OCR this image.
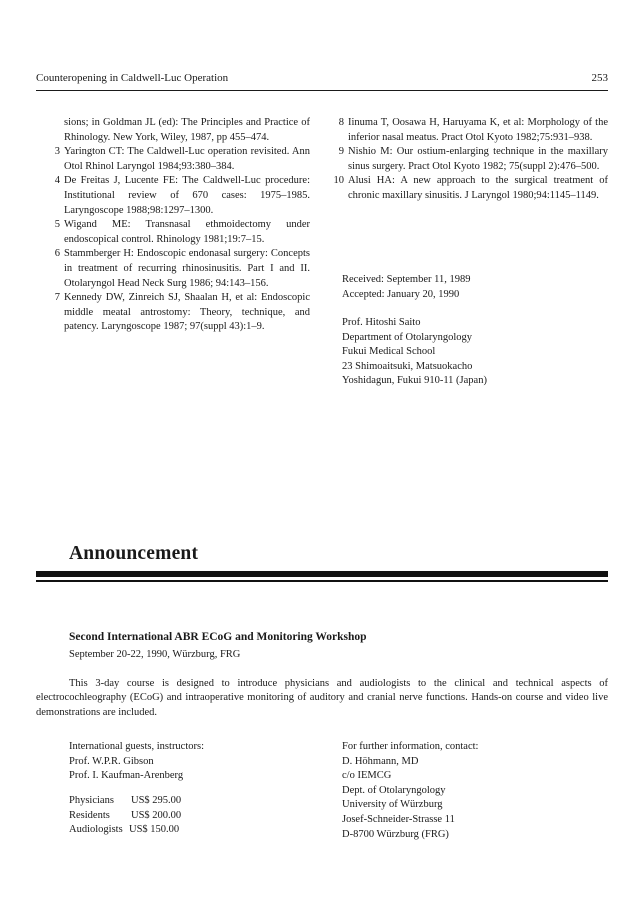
Counteropening in Caldwell-Luc Operation	253
sions; in Goldman JL (ed): The Principles and Practice of Rhinology. New York, Wiley, 1987, pp 455–474.
3 Yarington CT: The Caldwell-Luc operation revisited. Ann Otol Rhinol Laryngol 1984;93:380–384.
4 De Freitas J, Lucente FE: The Caldwell-Luc procedure: Institutional review of 670 cases: 1975–1985. Laryngoscope 1988;98:1297–1300.
5 Wigand ME: Transnasal ethmoidectomy under endoscopical control. Rhinology 1981;19:7–15.
6 Stammberger H: Endoscopic endonasal surgery: Concepts in treatment of recurring rhinosinusitis. Part I and II. Otolaryngol Head Neck Surg 1986; 94:143–156.
7 Kennedy DW, Zinreich SJ, Shaalan H, et al: Endoscopic middle meatal antrostomy: Theory, technique, and patency. Laryngoscope 1987; 97(suppl 43):1–9.
8 Iinuma T, Oosawa H, Haruyama K, et al: Morphology of the inferior nasal meatus. Pract Otol Kyoto 1982;75:931–938.
9 Nishio M: Our ostium-enlarging technique in the maxillary sinus surgery. Pract Otol Kyoto 1982; 75(suppl 2):476–500.
10 Alusi HA: A new approach to the surgical treatment of chronic maxillary sinusitis. J Laryngol 1980;94:1145–1149.
Received: September 11, 1989
Accepted: January 20, 1990
Prof. Hitoshi Saito
Department of Otolaryngology
Fukui Medical School
23 Shimoaitsuki, Matsuokacho
Yoshidagun, Fukui 910-11 (Japan)
Announcement
Second International ABR ECoG and Monitoring Workshop
September 20-22, 1990, Würzburg, FRG
This 3-day course is designed to introduce physicians and audiologists to the clinical and technical aspects of electrocochleography (ECoG) and intraoperative monitoring of auditory and cranial nerve functions. Hands-on course and video live demonstrations are included.
International guests, instructors:
Prof. W.P.R. Gibson
Prof. I. Kaufman-Arenberg
Physicians	US$ 295.00
Residents	US$ 200.00
Audiologists US$ 150.00
For further information, contact:
D. Höhmann, MD
c/o IEMCG
Dept. of Otolaryngology
University of Würzburg
Josef-Schneider-Strasse 11
D-8700 Würzburg (FRG)
